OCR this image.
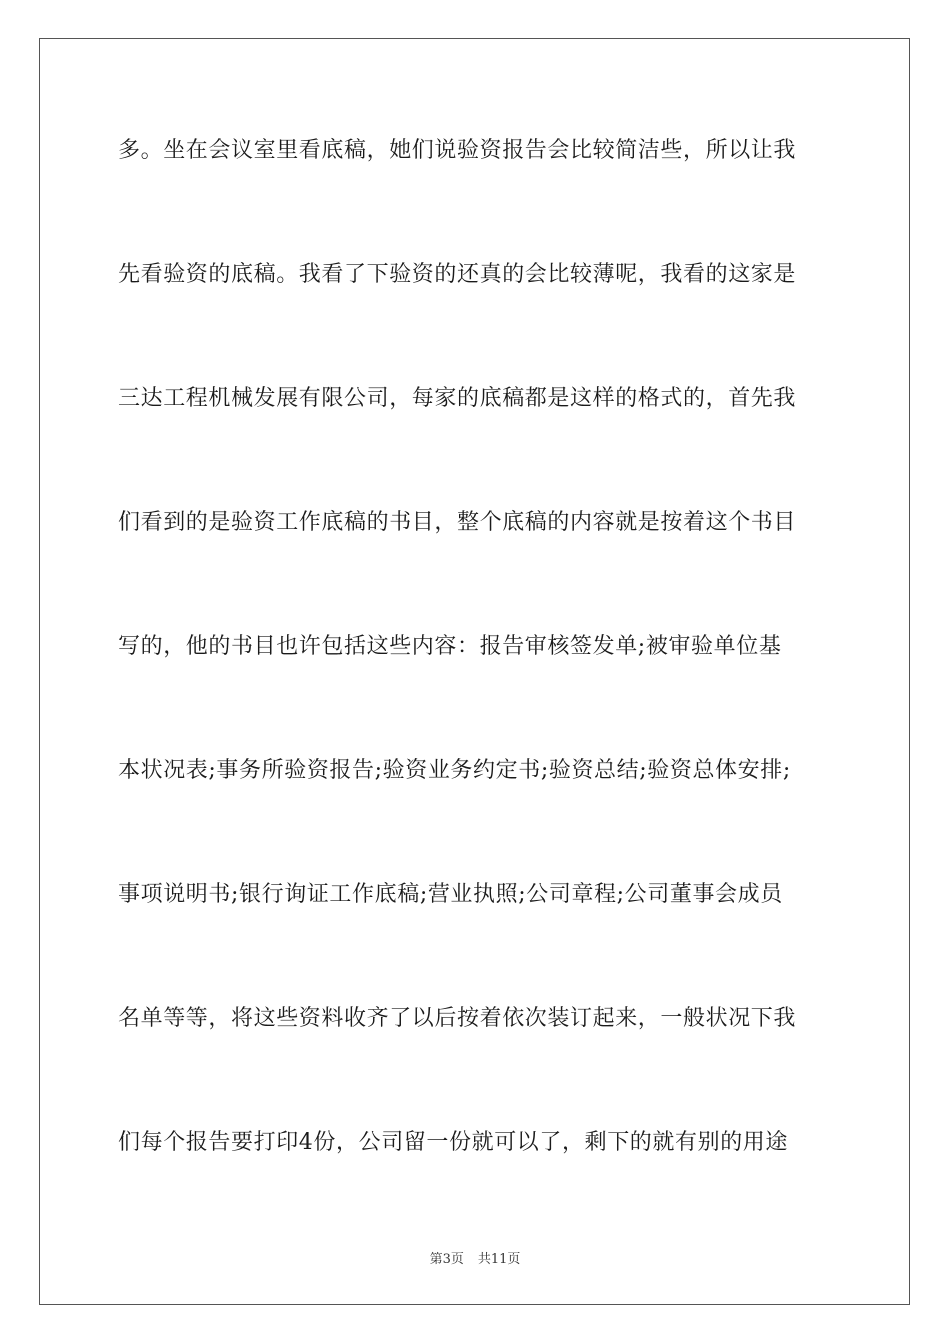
多。坐在会议室里看底稿，她们说验资报告会比较简洁些，所以让我
先看验资的底稿。我看了下验资的还真的会比较薄呢，我看的这家是
三达工程机械发展有限公司，每家的底稿都是这样的格式的，首先我
们看到的是验资工作底稿的书目，整个底稿的内容就是按着这个书目
写的，他的书目也许包括这些内容：报告审核签发单;被审验单位基
本状况表;事务所验资报告;验资业务约定书;验资总结;验资总体安排;
事项说明书;银行询证工作底稿;营业执照;公司章程;公司董事会成员
名单等等，将这些资料收齐了以后按着依次装订起来，一般状况下我
们每个报告要打印4份，公司留一份就可以了，剩下的就有别的用途
第3页 共11页
